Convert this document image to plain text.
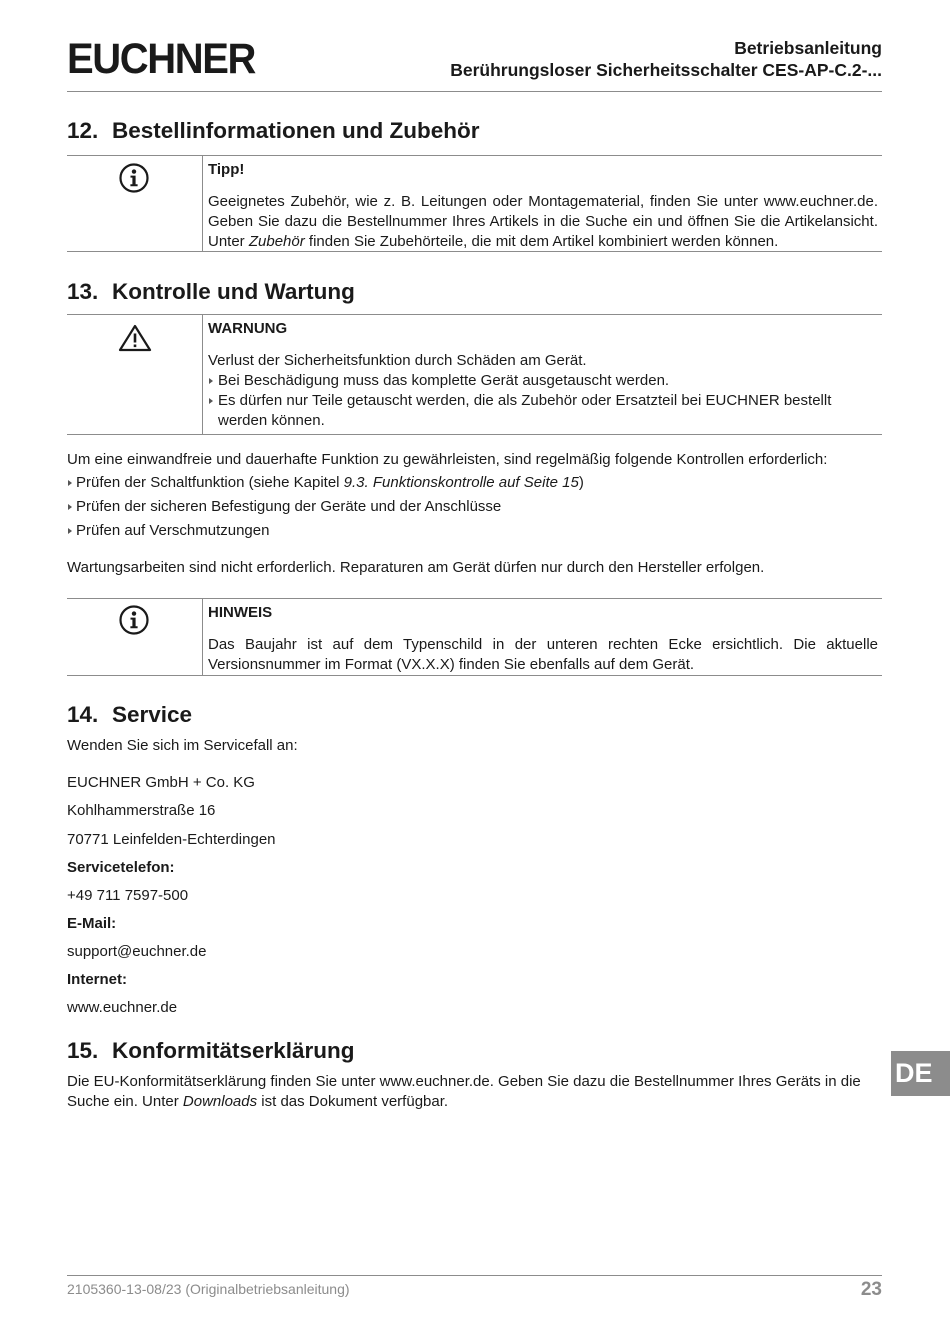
EUCHNER	Betriebsanleitung
Berührungsloser Sicherheitsschalter CES-AP-C.2-...
12. Bestellinformationen und Zubehör
Tipp!
Geeignetes Zubehör, wie z. B. Leitungen oder Montagematerial, finden Sie unter www.euchner.de. Geben Sie dazu die Bestellnummer Ihres Artikels in die Suche ein und öffnen Sie die Artikelansicht. Unter Zubehör finden Sie Zubehörteile, die mit dem Artikel kombiniert werden können.
13. Kontrolle und Wartung
WARNUNG
Verlust der Sicherheitsfunktion durch Schäden am Gerät.
Bei Beschädigung muss das komplette Gerät ausgetauscht werden.
Es dürfen nur Teile getauscht werden, die als Zubehör oder Ersatzteil bei EUCHNER bestellt werden können.
Um eine einwandfreie und dauerhafte Funktion zu gewährleisten, sind regelmäßig folgende Kontrollen erforderlich:
Prüfen der Schaltfunktion (siehe Kapitel 9.3. Funktionskontrolle auf Seite 15)
Prüfen der sicheren Befestigung der Geräte und der Anschlüsse
Prüfen auf Verschmutzungen
Wartungsarbeiten sind nicht erforderlich. Reparaturen am Gerät dürfen nur durch den Hersteller erfolgen.
HINWEIS
Das Baujahr ist auf dem Typenschild in der unteren rechten Ecke ersichtlich. Die aktuelle Versionsnummer im Format (VX.X.X) finden Sie ebenfalls auf dem Gerät.
14. Service
Wenden Sie sich im Servicefall an:
EUCHNER GmbH + Co. KG
Kohlhammerstraße 16
70771 Leinfelden-Echterdingen
Servicetelefon:
+49 711 7597-500
E-Mail:
support@euchner.de
Internet:
www.euchner.de
15. Konformitätserklärung
Die EU-Konformitätserklärung finden Sie unter www.euchner.de. Geben Sie dazu die Bestellnummer Ihres Geräts in die Suche ein. Unter Downloads ist das Dokument verfügbar.
DE
2105360-13-08/23 (Originalbetriebsanleitung)	23
